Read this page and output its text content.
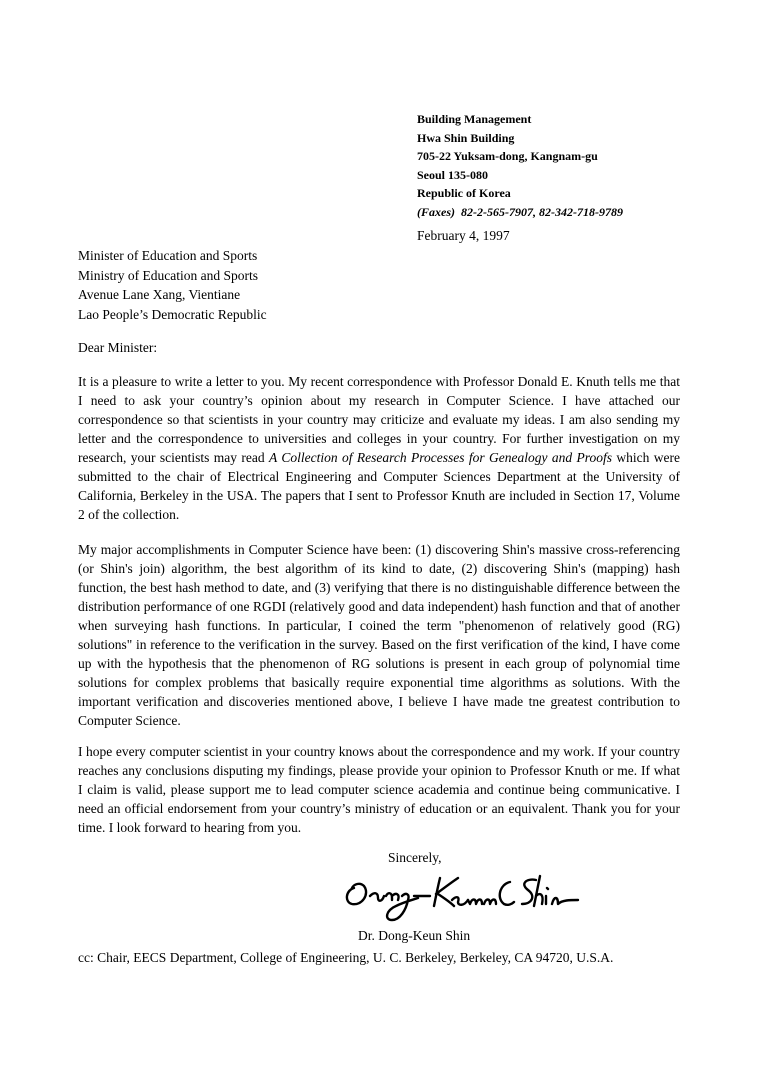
Building Management
Hwa Shin Building
705-22 Yuksam-dong, Kangnam-gu
Seoul 135-080
Republic of Korea
(Faxes) 82-2-565-7907, 82-342-718-9789
February 4, 1997
Minister of Education and Sports
Ministry of Education and Sports
Avenue Lane Xang, Vientiane
Lao People’s Democratic Republic
Dear Minister:

It is a pleasure to write a letter to you. My recent correspondence with Professor Donald E. Knuth tells me that I need to ask your country’s opinion about my research in Computer Science. I have attached our correspondence so that scientists in your country may criticize and evaluate my ideas. I am also sending my letter and the correspondence to universities and colleges in your country. For further investigation on my research, your scientists may read A Collection of Research Processes for Genealogy and Proofs which were submitted to the chair of Electrical Engineering and Computer Sciences Department at the University of California, Berkeley in the USA. The papers that I sent to Professor Knuth are included in Section 17, Volume 2 of the collection.

My major accomplishments in Computer Science have been: (1) discovering Shin's massive cross-referencing (or Shin's join) algorithm, the best algorithm of its kind to date, (2) discovering Shin's (mapping) hash function, the best hash method to date, and (3) verifying that there is no distinguishable difference between the distribution performance of one RGDI (relatively good and data independent) hash function and that of another when surveying hash functions. In particular, I coined the term "phenomenon of relatively good (RG) solutions" in reference to the verification in the survey. Based on the first verification of the kind, I have come up with the hypothesis that the phenomenon of RG solutions is present in each group of polynomial time solutions for complex problems that basically require exponential time algorithms as solutions. With the important verification and discoveries mentioned above, I believe I have made tne greatest contribution to Computer Science.

I hope every computer scientist in your country knows about the correspondence and my work. If your country reaches any conclusions disputing my findings, please provide your opinion to Professor Knuth or me. If what I claim is valid, please support me to lead computer science academia and continue being communicative. I need an official endorsement from your country’s ministry of education or an equivalent. Thank you for your time. I look forward to hearing from you.

Sincerely,
Dong-Keun Shin
Dr. Dong-Keun Shin
cc: Chair, EECS Department, College of Engineering, U. C. Berkeley, Berkeley, CA 94720, U.S.A.
